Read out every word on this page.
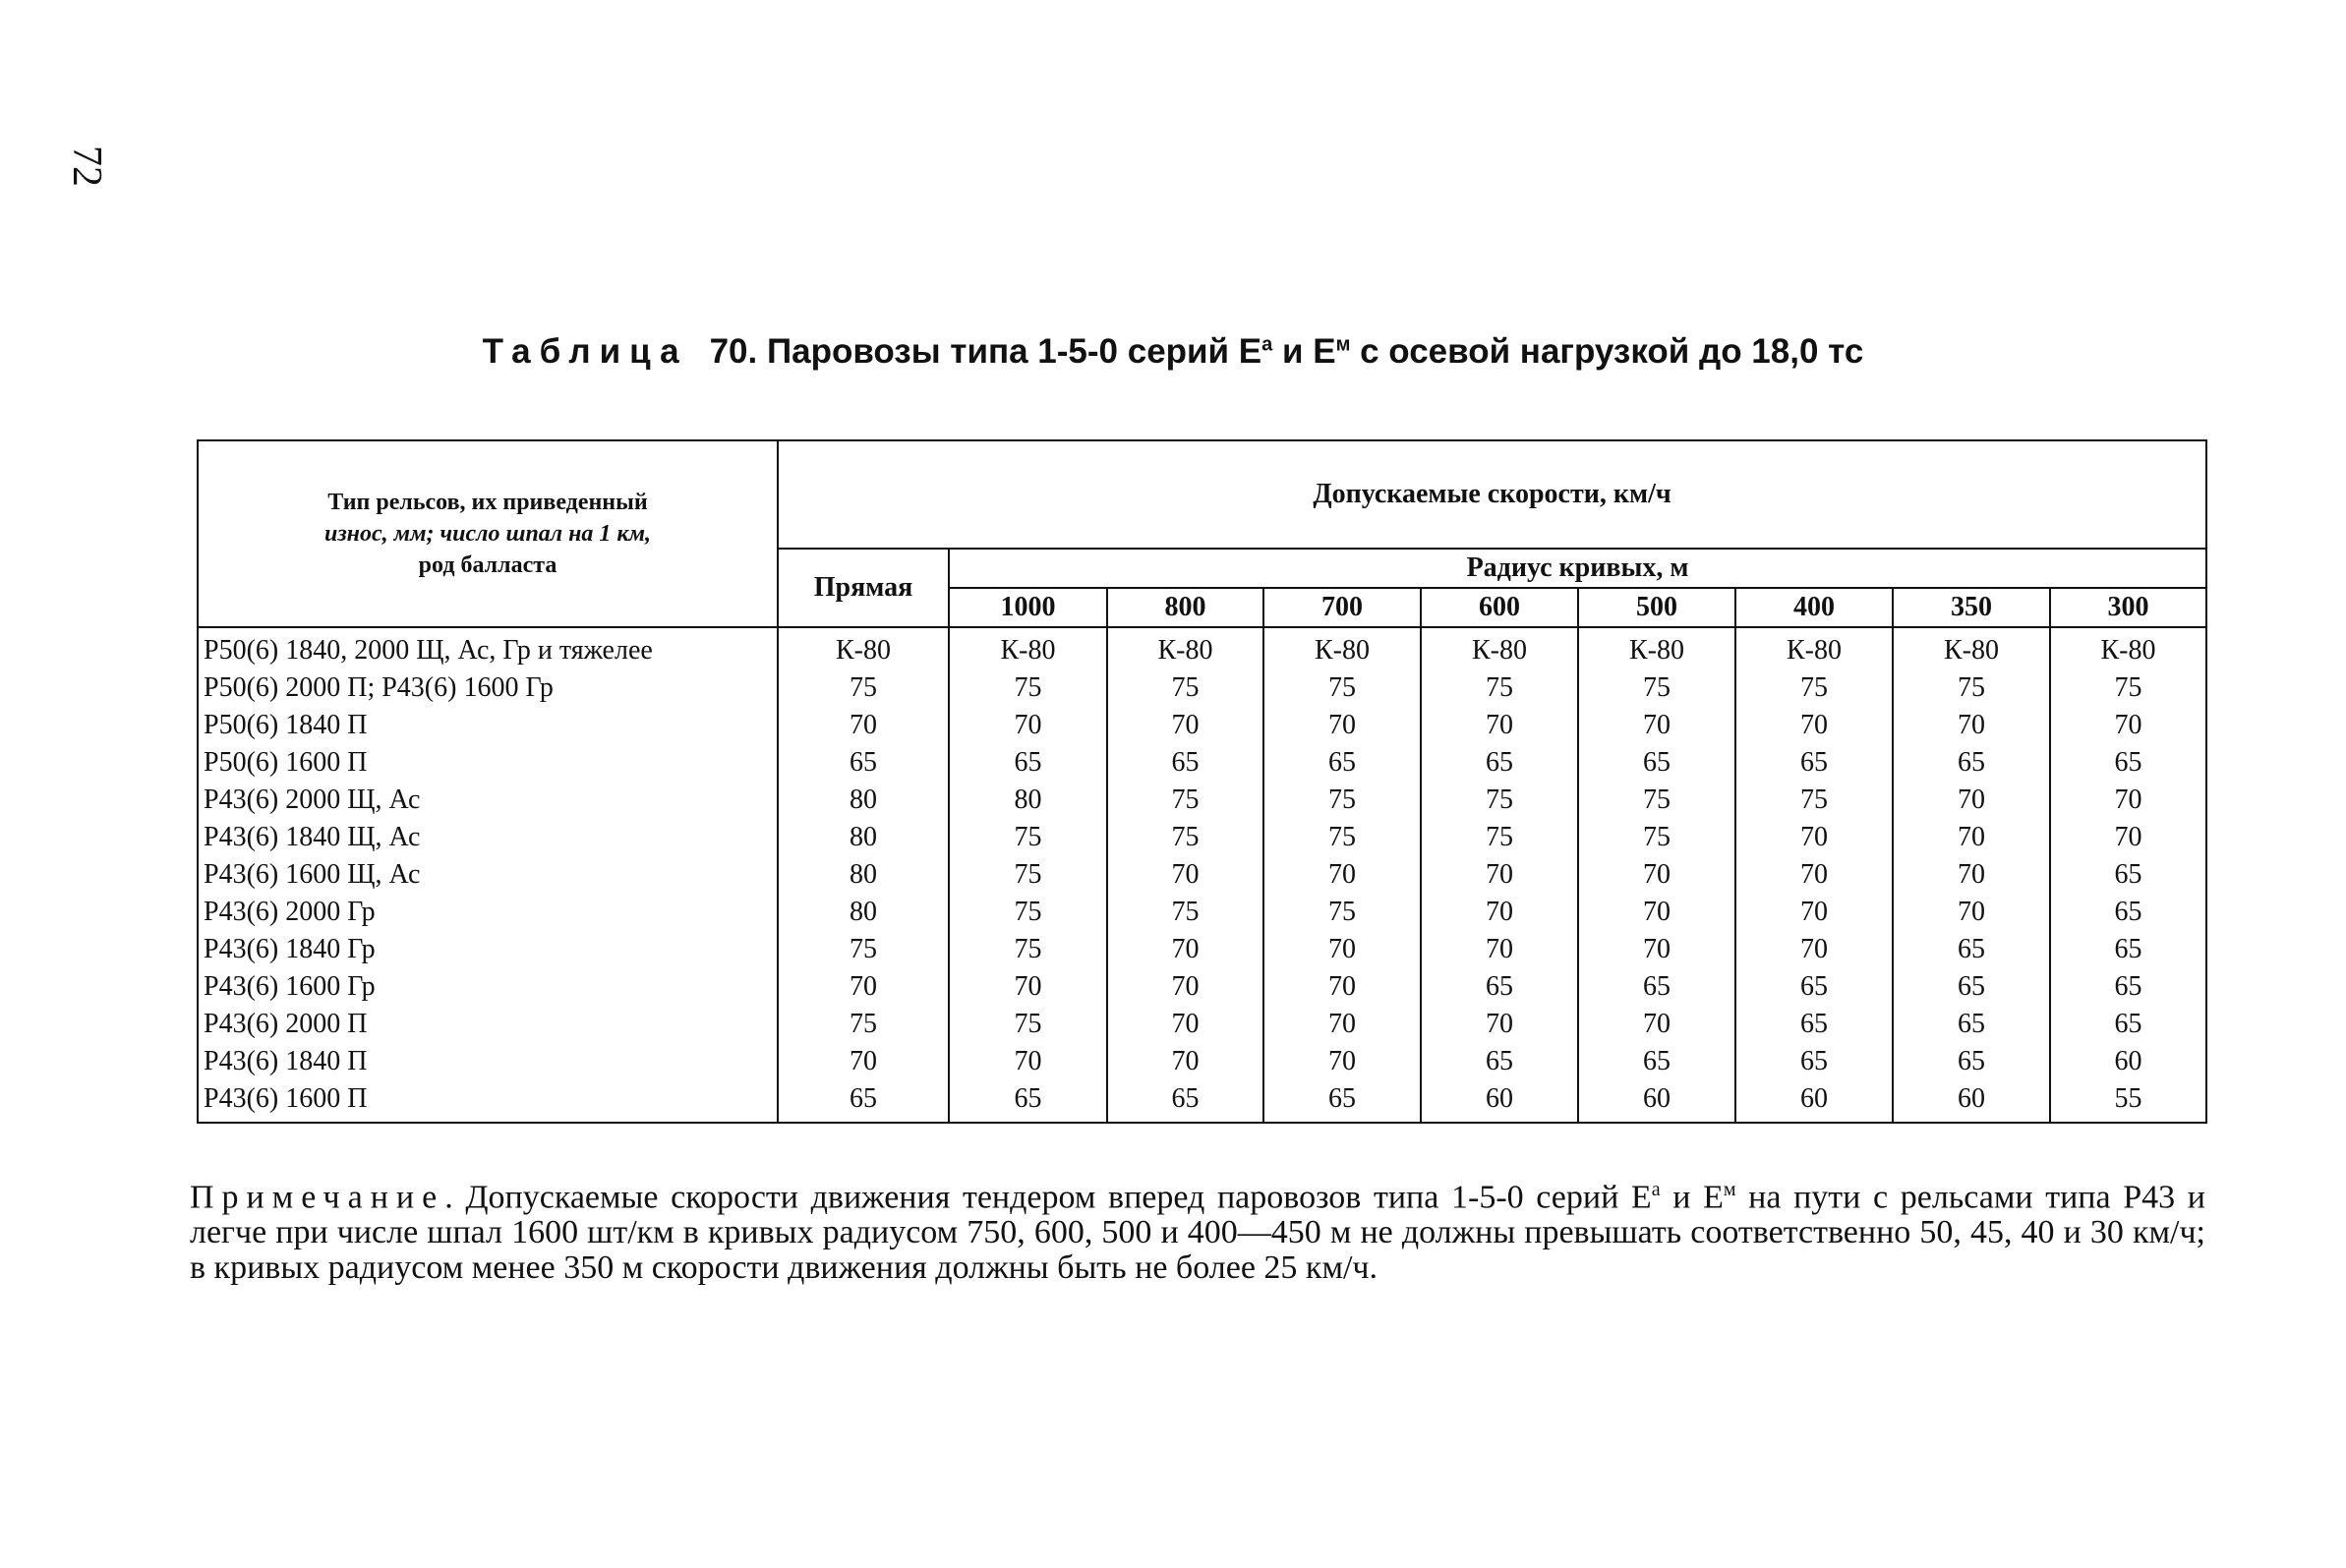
72
Таблица 70. Паровозы типа 1-5-0 серий $Е^а$ и $Е^м$ с осевой нагрузкой до 18,0 тс
Тип рельсов, их приведенный
износ, мм; число шпал на 1 км,
род балласта	Допускаемые скорости, км/ч								
	Прямая	Радиус кривых, м							
		1000	800	700	600	500	400	350	300
Р50(6) 1840, 2000 Щ, Ас, Гр и тяжелее	К-80	К-80	К-80	К-80	К-80	К-80	К-80	К-80	К-80
Р50(6) 2000 П; Р43(6) 1600 Гр	75	75	75	75	75	75	75	75	75
Р50(6) 1840 П	70	70	70	70	70	70	70	70	70
Р50(6) 1600 П	65	65	65	65	65	65	65	65	65
Р43(6) 2000 Щ, Ас	80	80	75	75	75	75	75	70	70
Р43(6) 1840 Щ, Ас	80	75	75	75	75	75	70	70	70
Р43(6) 1600 Щ, Ас	80	75	70	70	70	70	70	70	65
Р43(6) 2000 Гр	80	75	75	75	70	70	70	70	65
Р43(6) 1840 Гр	75	75	70	70	70	70	70	65	65
Р43(6) 1600 Гр	70	70	70	70	65	65	65	65	65
Р43(6) 2000 П	75	75	70	70	70	70	65	65	65
Р43(6) 1840 П	70	70	70	70	65	65	65	65	60
Р43(6) 1600 П	65	65	65	65	60	60	60	60	55
Примечание. Допускаемые скорости движения тендером вперед паровозов типа 1-5-0 серий $Е^а$ и $Е^м$ на пути с рельсами типа Р43 и легче при числе шпал 1600 шт/км в кривых радиусом 750, 600, 500 и 400—450 м не должны превышать соответственно 50, 45, 40 и 30 км/ч; в кривых радиусом менее 350 м скорости движения должны быть не более 25 км/ч.
